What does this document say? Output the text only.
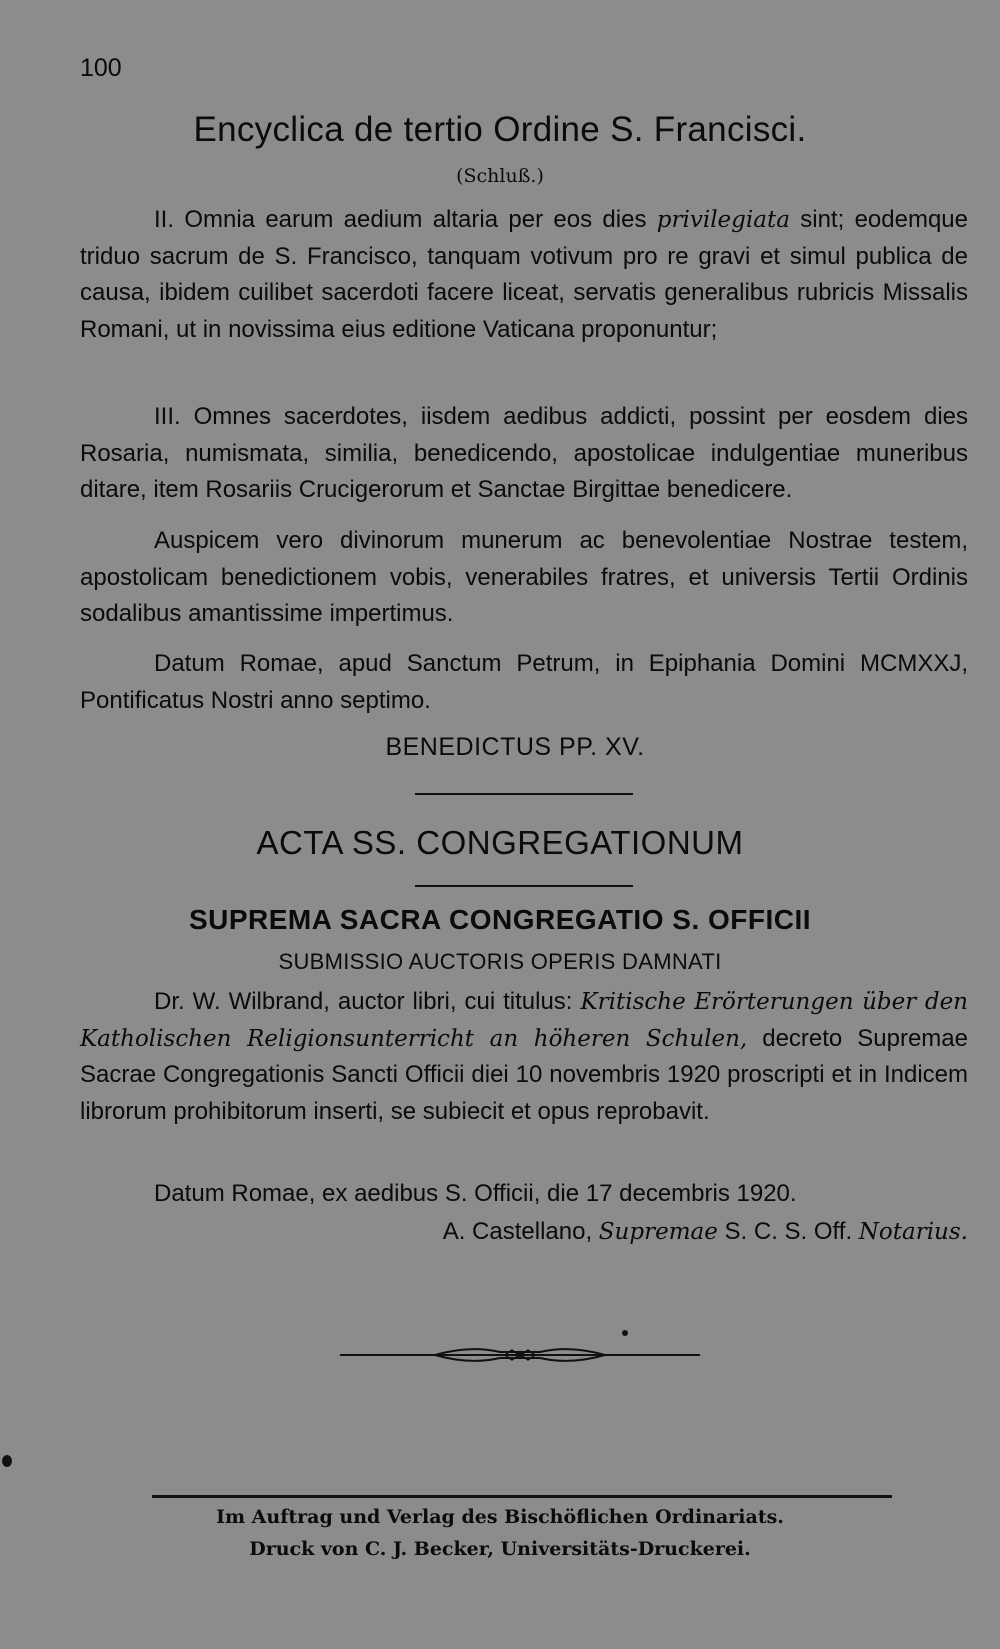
100
Encyclica de tertio Ordine S. Francisci.
(Schluß.)

II. Omnia earum aedium altaria per eos dies privilegiata sint; eodemque triduo sacrum de S. Francisco, tanquam votivum pro re gravi et simul publica de causa, ibidem cuilibet sacerdoti facere liceat, servatis generalibus rubricis Missalis Romani, ut in novissima eius editione Vaticana proponuntur;

III. Omnes sacerdotes, iisdem aedibus addicti, possint per eosdem dies Rosaria, numismata, similia, benedicendo, apostolicae indulgentiae muneribus ditare, item Rosariis Crucigerorum et Sanctae Birgittae benedicere.

Auspicem vero divinorum munerum ac benevolentiae Nostrae testem, apostolicam benedictionem vobis, venerabiles fratres, et universis Tertii Ordinis sodalibus amantissime impertimus.

Datum Romae, apud Sanctum Petrum, in Epiphania Domini MCMXXJ, Pontificatus Nostri anno septimo.

BENEDICTUS PP. XV.

ACTA SS. CONGREGATIONUM

SUPREMA SACRA CONGREGATIO S. OFFICII

SUBMISSIO AUCTORIS OPERIS DAMNATI

Dr. W. Wilbrand, auctor libri, cui titulus: Kritische Erörterungen über den Katholischen Religionsunterricht an höheren Schulen, decreto Supremae Sacrae Congregationis Sancti Officii diei 10 novembris 1920 proscripti et in Indicem librorum prohibitorum inserti, se subiecit et opus reprobavit.

Datum Romae, ex aedibus S. Officii, die 17 decembris 1920.

A. Castellano, Supremae S. C. S. Off. Notarius.

Im Auftrag und Verlag des Bischöflichen Ordinariats.

Druck von C. J. Becker, Universitäts-Druckerei.
